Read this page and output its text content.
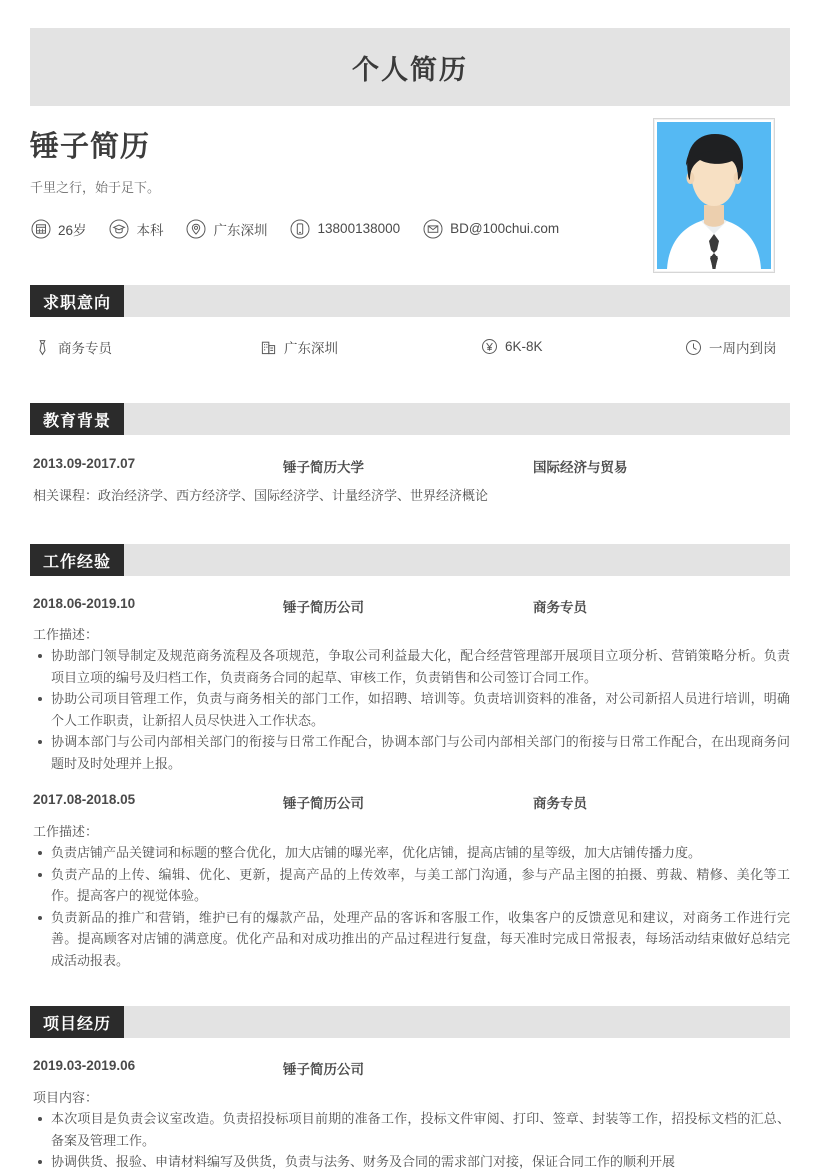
个人简历
锤子简历
千里之行，始于足下。
26岁	本科	广东深圳	13800138000	BD@100chui.com
求职意向
商务专员	广东深圳	6K-8K	一周内到岗
教育背景
2013.09-2017.07	锤子简历大学	国际经济与贸易
相关课程：政治经济学、西方经济学、国际经济学、计量经济学、世界经济概论
工作经验
2018.06-2019.10	锤子简历公司	商务专员
工作描述：
协助部门领导制定及规范商务流程及各项规范，争取公司利益最大化，配合经营管理部开展项目立项分析、营销策略分析。负责项目立项的编号及归档工作，负责商务合同的起草、审核工作，负责销售和公司签订合同工作。
协助公司项目管理工作，负责与商务相关的部门工作，如招聘、培训等。负责培训资料的准备，对公司新招人员进行培训，明确个人工作职责，让新招人员尽快进入工作状态。
协调本部门与公司内部相关部门的衔接与日常工作配合，协调本部门与公司内部相关部门的衔接与日常工作配合，在出现商务问题时及时处理并上报。
2017.08-2018.05	锤子简历公司	商务专员
工作描述：
负责店铺产品关键词和标题的整合优化，加大店铺的曝光率，优化店铺，提高店铺的星等级，加大店铺传播力度。
负责产品的上传、编辑、优化、更新，提高产品的上传效率，与美工部门沟通，参与产品主图的拍摄、剪裁、精修、美化等工作。提高客户的视觉体验。
负责新品的推广和营销，维护已有的爆款产品，处理产品的客诉和客服工作，收集客户的反馈意见和建议，对商务工作进行完善。提高顾客对店铺的满意度。优化产品和对成功推出的产品过程进行复盘，每天准时完成日常报表，每场活动结束做好总结完成活动报表。
项目经历
2019.03-2019.06	锤子简历公司
项目内容：
本次项目是负责会议室改造。负责招投标项目前期的准备工作，投标文件审阅、打印、签章、封装等工作，招投标文档的汇总、备案及管理工作。
协调供货、报验、申请材料编写及供货，负责与法务、财务及合同的需求部门对接，保证合同工作的顺利开展
